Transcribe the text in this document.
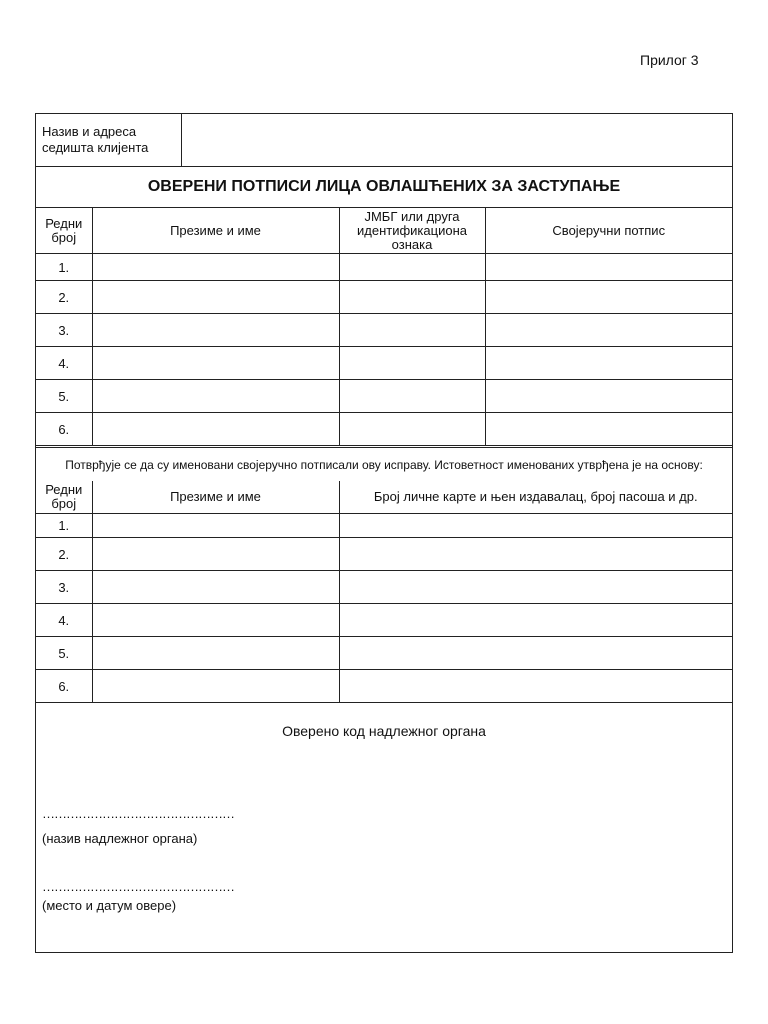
Прилог 3
Назив и адреса
седишта клијента
ОВЕРЕНИ ПОТПИСИ ЛИЦА ОВЛАШЋЕНИХ ЗА ЗАСТУПАЊЕ
Редни
број	Презиме и име	ЈМБГ или друга
идентификациона
ознака	Својеручни потпис
1.			
2.			
3.			
4.			
5.			
6.			
Потврђује се да су именовани својеручно потписали ову исправу. Истоветност именованих утврђена је на основу:
Редни
број	Презиме и име	Број личне карте и њен издавалац, број пасоша и др.
1.		
2.		
3.		
4.		
5.		
6.		
Оверено код надлежног органа
…………………………………………
(назив надлежног органа)
…………………………………………
(место и датум овере)
